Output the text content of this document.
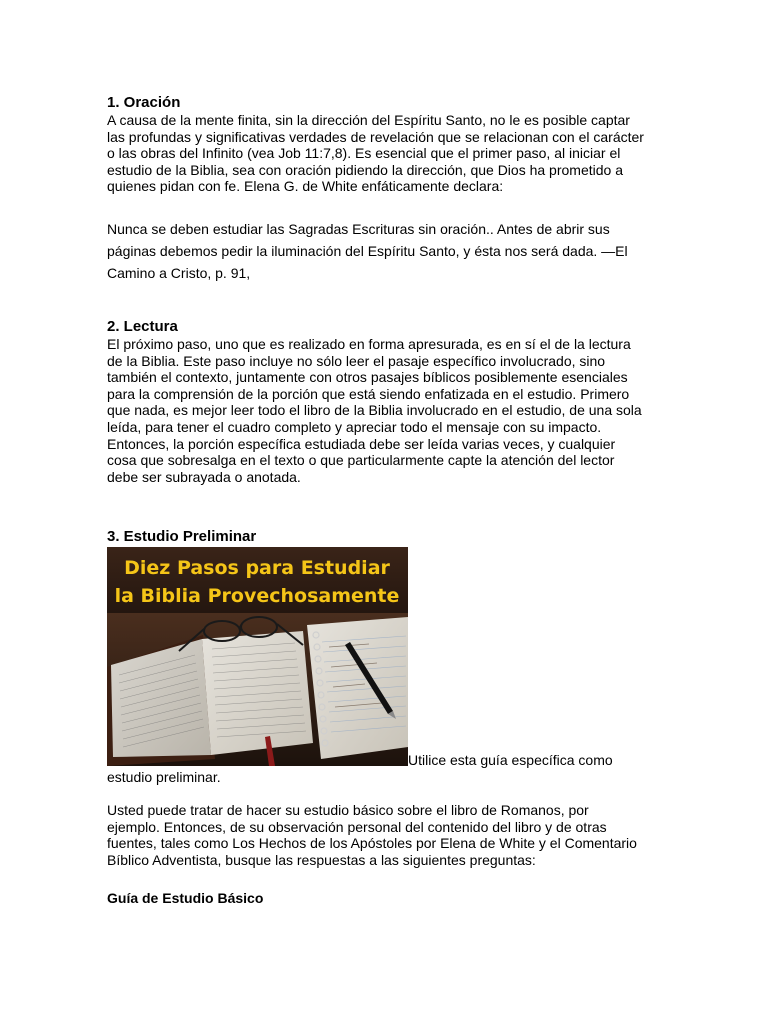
1. Oración
A causa de la mente finita, sin la dirección del Espíritu Santo, no le es posible captar
las profundas y significativas verdades de revelación que se relacionan con el carácter
o las obras del Infinito (vea Job 11:7,8). Es esencial que el primer paso, al iniciar el
estudio de la Biblia, sea con oración pidiendo la dirección, que Dios ha prometido a
quienes pidan con fe. Elena G. de White enfáticamente declara:
Nunca se deben estudiar las Sagradas Escrituras sin oración.. Antes de abrir sus
páginas debemos pedir la iluminación del Espíritu Santo, y ésta nos será dada. —El
Camino a Cristo, p. 91,
2. Lectura
El próximo paso, uno que es realizado en forma apresurada, es en sí el de la lectura
de la Biblia. Este paso incluye no sólo leer el pasaje específico involucrado, sino
también el contexto, juntamente con otros pasajes bíblicos posiblemente esenciales
para la comprensión de la porción que está siendo enfatizada en el estudio. Primero
que nada, es mejor leer todo el libro de la Biblia involucrado en el estudio, de una sola
leída, para tener el cuadro completo y apreciar todo el mensaje con su impacto.
Entonces, la porción específica estudiada debe ser leída varias veces, y cualquier
cosa que sobresalga en el texto o que particularmente capte la atención del lector
debe ser subrayada o anotada.
3. Estudio Preliminar
Usted puede tratar de hacer su estudio básico sobre el libro de Romanos, por
ejemplo. Entonces, de su observación personal del contenido del libro y de otras
fuentes, tales como Los Hechos de los Apóstoles por Elena de White y el Comentario
Bíblico Adventista, busque las respuestas a las siguientes preguntas:
Guía de Estudio Básico
Diez Pasos para Estudiar
la Biblia Provechosamente
Utilice esta guía específica como
estudio preliminar.
